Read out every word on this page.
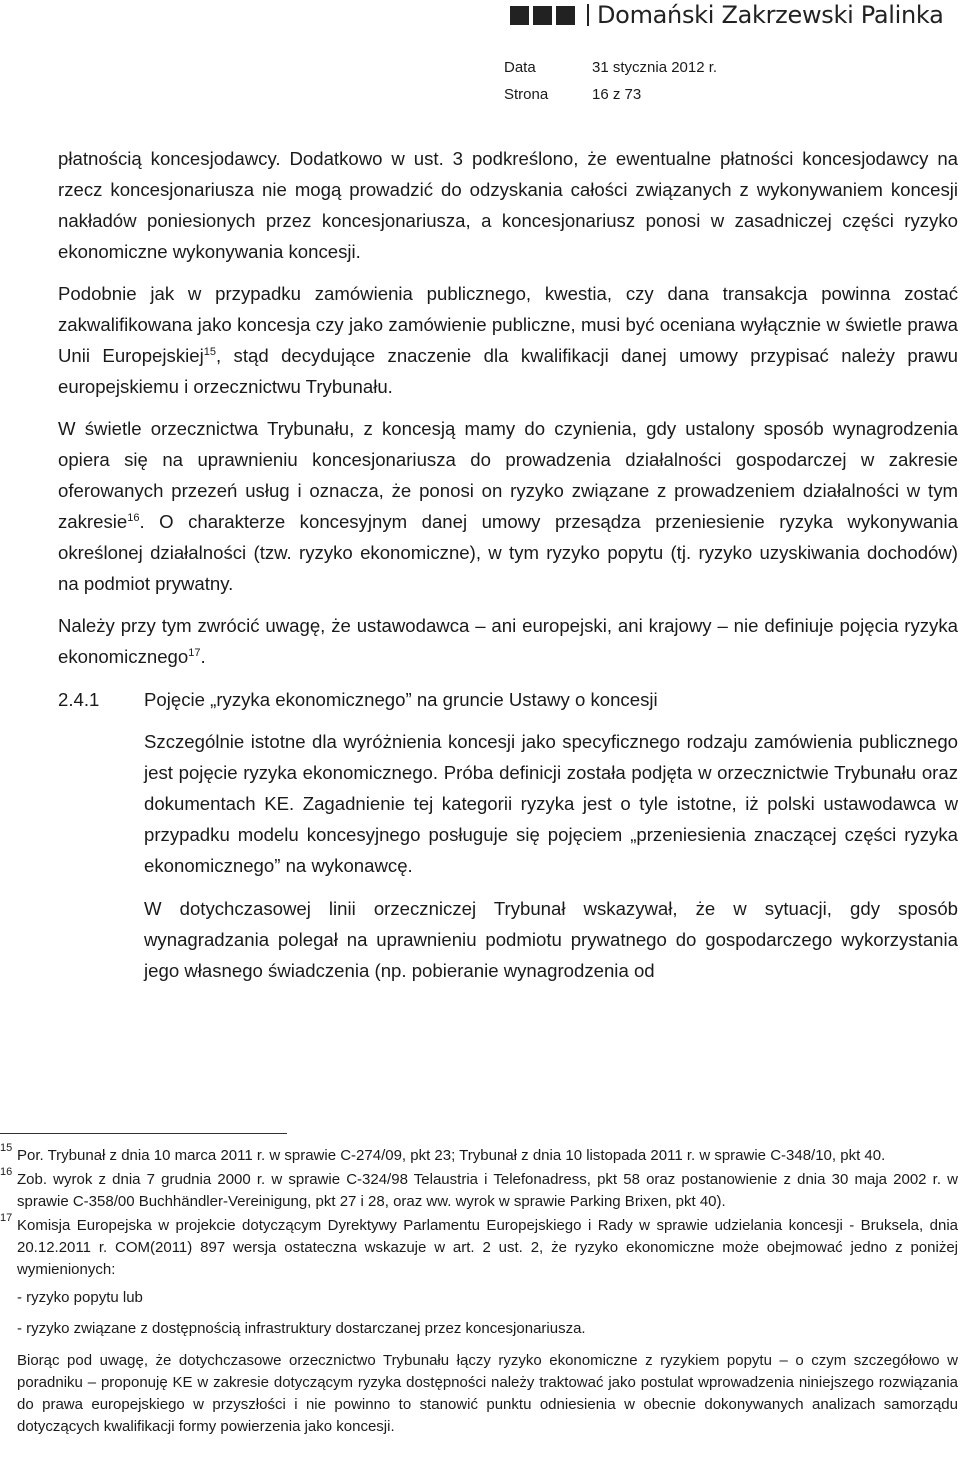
Domański Zakrzewski Palinka
Data	31 stycznia 2012 r.
Strona	16 z 73

płatnością koncesjodawcy. Dodatkowo w ust. 3 podkreślono, że ewentualne płatności koncesjodawcy na rzecz koncesjonariusza nie mogą prowadzić do odzyskania całości związanych z wykonywaniem koncesji nakładów poniesionych przez koncesjonariusza, a koncesjonariusz ponosi w zasadniczej części ryzyko ekonomiczne wykonywania koncesji.

Podobnie jak w przypadku zamówienia publicznego, kwestia, czy dana transakcja powinna zostać zakwalifikowana jako koncesja czy jako zamówienie publiczne, musi być oceniana wyłącznie w świetle prawa Unii Europejskiej$^{15}$, stąd decydujące znaczenie dla kwalifikacji danej umowy przypisać należy prawu europejskiemu i orzecznictwu Trybunału.

W świetle orzecznictwa Trybunału, z koncesją mamy do czynienia, gdy ustalony sposób wynagrodzenia opiera się na uprawnieniu koncesjonariusza do prowadzenia działalności gospodarczej w zakresie oferowanych przezeń usług i oznacza, że ponosi on ryzyko związane z prowadzeniem działalności w tym zakresie$^{16}$. O charakterze koncesyjnym danej umowy przesądza przeniesienie ryzyka wykonywania określonej działalności (tzw. ryzyko ekonomiczne), w tym ryzyko popytu (tj. ryzyko uzyskiwania dochodów) na podmiot prywatny.

Należy przy tym zwrócić uwagę, że ustawodawca – ani europejski, ani krajowy – nie definiuje pojęcia ryzyka ekonomicznego$^{17}$.

2.4.1	Pojęcie „ryzyka ekonomicznego” na gruncie Ustawy o koncesji

Szczególnie istotne dla wyróżnienia koncesji jako specyficznego rodzaju zamówienia publicznego jest pojęcie ryzyka ekonomicznego. Próba definicji została podjęta w orzecznictwie Trybunału oraz dokumentach KE. Zagadnienie tej kategorii ryzyka jest o tyle istotne, iż polski ustawodawca w przypadku modelu koncesyjnego posługuje się pojęciem „przeniesienia znaczącej części ryzyka ekonomicznego” na wykonawcę.

W dotychczasowej linii orzeczniczej Trybunał wskazywał, że w sytuacji, gdy sposób wynagradzania polegał na uprawnieniu podmiotu prywatnego do gospodarczego wykorzystania jego własnego świadczenia (np. pobieranie wynagrodzenia od

15 Por. Trybunał z dnia 10 marca 2011 r. w sprawie C-274/09, pkt 23; Trybunał z dnia 10 listopada 2011 r. w sprawie C-348/10, pkt 40.
16 Zob. wyrok z dnia 7 grudnia 2000 r. w sprawie C-324/98 Telaustria i Telefonadress, pkt 58 oraz postanowienie z dnia 30 maja 2002 r. w sprawie C-358/00 Buchhändler-Vereinigung, pkt 27 i 28, oraz ww. wyrok w sprawie Parking Brixen, pkt 40).
17 Komisja Europejska w projekcie dotyczącym Dyrektywy Parlamentu Europejskiego i Rady w sprawie udzielania koncesji - Bruksela, dnia 20.12.2011 r. COM(2011) 897 wersja ostateczna wskazuje w art. 2 ust. 2, że ryzyko ekonomiczne może obejmować jedno z poniżej wymienionych:

- ryzyko popytu lub

- ryzyko związane z dostępnością infrastruktury dostarczanej przez koncesjonariusza.

Biorąc pod uwagę, że dotychczasowe orzecznictwo Trybunału łączy ryzyko ekonomiczne z ryzykiem popytu – o czym szczegółowo w poradniku – proponuję KE w zakresie dotyczącym ryzyka dostępności należy traktować jako postulat wprowadzenia niniejszego rozwiązania do prawa europejskiego w przyszłości i nie powinno to stanowić punktu odniesienia w obecnie dokonywanych analizach samorządu dotyczących kwalifikacji formy powierzenia jako koncesji.
